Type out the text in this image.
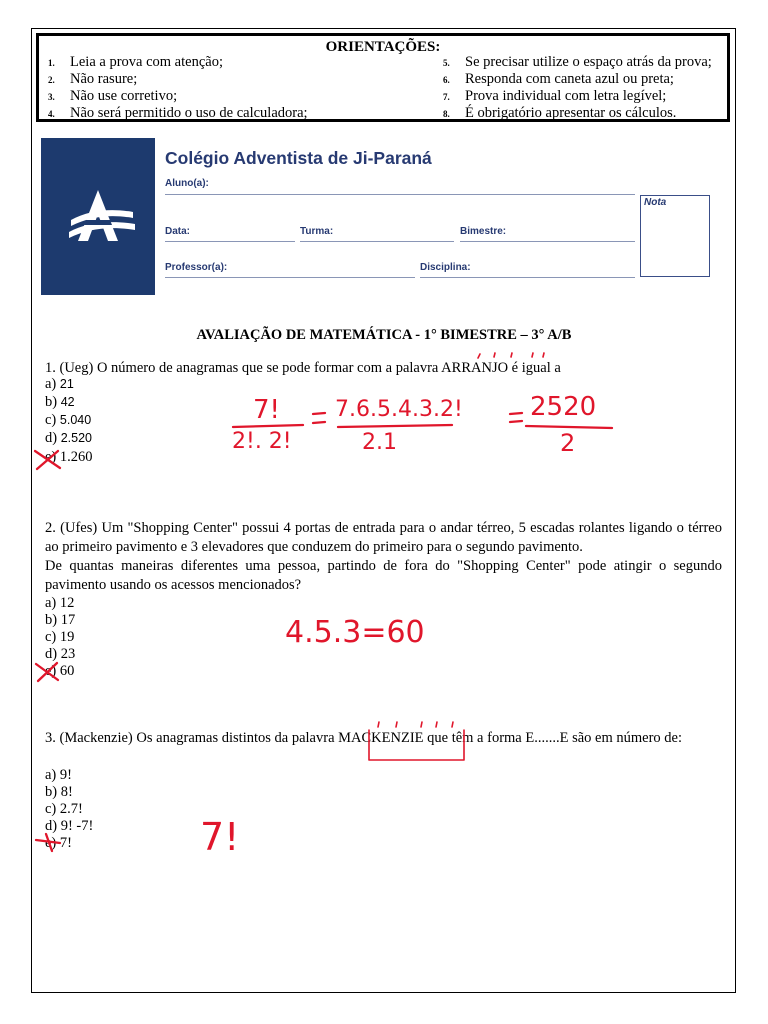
ORIENTAÇÕES:
1. Leia a prova com atenção;
2. Não rasure;
3. Não use corretivo;
4. Não será permitido o uso de calculadora;
5. Se precisar utilize o espaço atrás da prova;
6. Responda com caneta azul ou preta;
7. Prova individual com letra legível;
8. É obrigatório apresentar os cálculos.
Colégio Adventista de Ji-Paraná
Aluno(a):
Data:	Turma:	Bimestre:
Professor(a):	Disciplina:
Nota
AVALIAÇÃO DE MATEMÁTICA - 1° BIMESTRE – 3° A/B
1. (Ueg) O número de anagramas que se pode formar com a palavra ARRANJO é igual a
a) 21
b) 42
c) 5.040
d) 2.520
e) 1.260
2. (Ufes) Um "Shopping Center" possui 4 portas de entrada para o andar térreo, 5 escadas rolantes ligando o térreo ao primeiro pavimento e 3 elevadores que conduzem do primeiro para o segundo pavimento.
De quantas maneiras diferentes uma pessoa, partindo de fora do "Shopping Center" pode atingir o segundo pavimento usando os acessos mencionados?
a) 12
b) 17
c) 19
d) 23
e) 60
3. (Mackenzie) Os anagramas distintos da palavra MACKENZIE que têm a forma E.......E são em número de:
a) 9!
b) 8!
c) 2.7!
d) 9! -7!
e) 7!
7!
2!. 2!
7.6.5.4.3.2!
2.1
2520
2
4.5.3=60
7!
